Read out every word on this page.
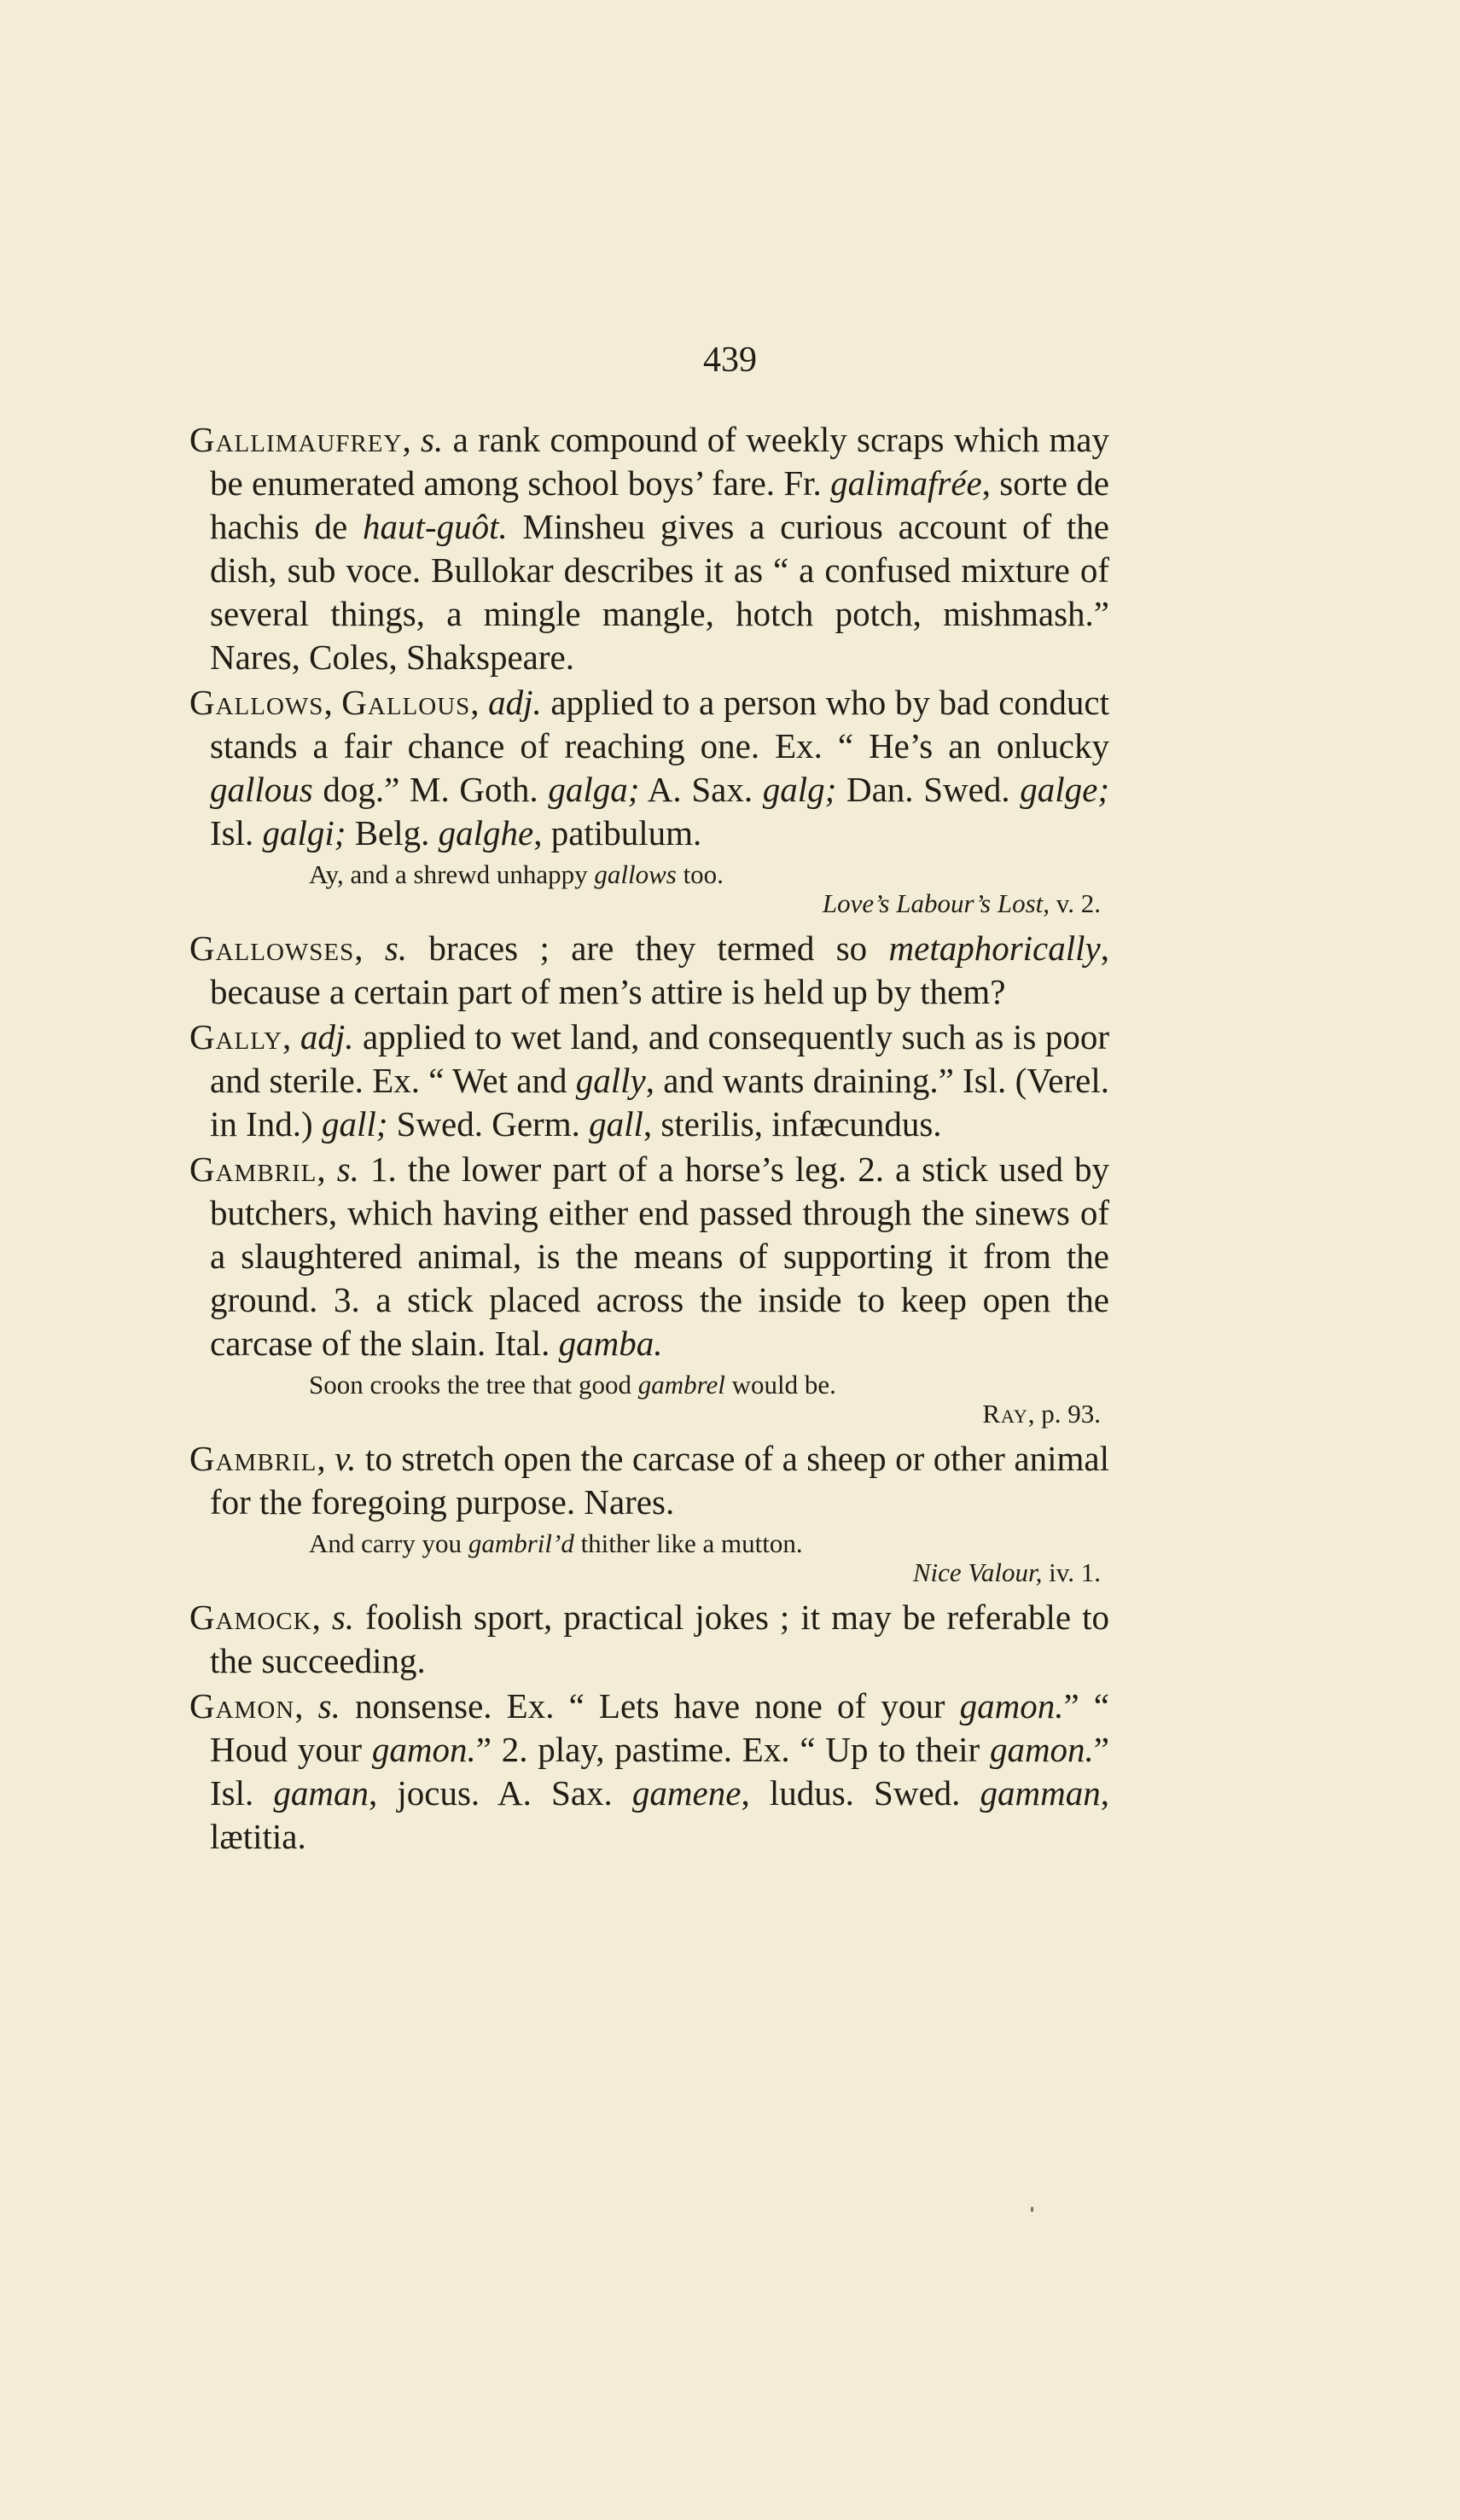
439

Gallimaufrey, s. a rank compound of weekly scraps which may be enumerated among school boys’ fare. Fr. galimafrée, sorte de hachis de haut-guôt. Minsheu gives a curious account of the dish, sub voce. Bullokar describes it as “ a confused mixture of several things, a mingle mangle, hotch potch, mishmash.” Nares, Coles, Shakspeare.

Gallows, Gallous, adj. applied to a person who by bad conduct stands a fair chance of reaching one. Ex. “ He’s an onlucky gallous dog.” M. Goth. galga; A. Sax. galg; Dan. Swed. galge; Isl. galgi; Belg. galghe, patibulum.

Ay, and a shrewd unhappy gallows too.
Love’s Labour’s Lost, v. 2.

Gallowses, s. braces ; are they termed so metaphorically, because a certain part of men’s attire is held up by them?

Gally, adj. applied to wet land, and consequently such as is poor and sterile. Ex. “ Wet and gally, and wants draining.” Isl. (Verel. in Ind.) gall; Swed. Germ. gall, sterilis, infæcundus.

Gambril, s. 1. the lower part of a horse’s leg. 2. a stick used by butchers, which having either end passed through the sinews of a slaughtered animal, is the means of supporting it from the ground. 3. a stick placed across the inside to keep open the carcase of the slain. Ital. gamba.

Soon crooks the tree that good gambrel would be.
Ray, p. 93.

Gambril, v. to stretch open the carcase of a sheep or other animal for the foregoing purpose. Nares.

And carry you gambril’d thither like a mutton.
Nice Valour, iv. 1.

Gamock, s. foolish sport, practical jokes ; it may be referable to the succeeding.

Gamon, s. nonsense. Ex. “ Lets have none of your gamon.” “ Houd your gamon.” 2. play, pastime. Ex. “ Up to their gamon.” Isl. gaman, jocus. A. Sax. gamene, ludus. Swed. gamman, lætitia.
